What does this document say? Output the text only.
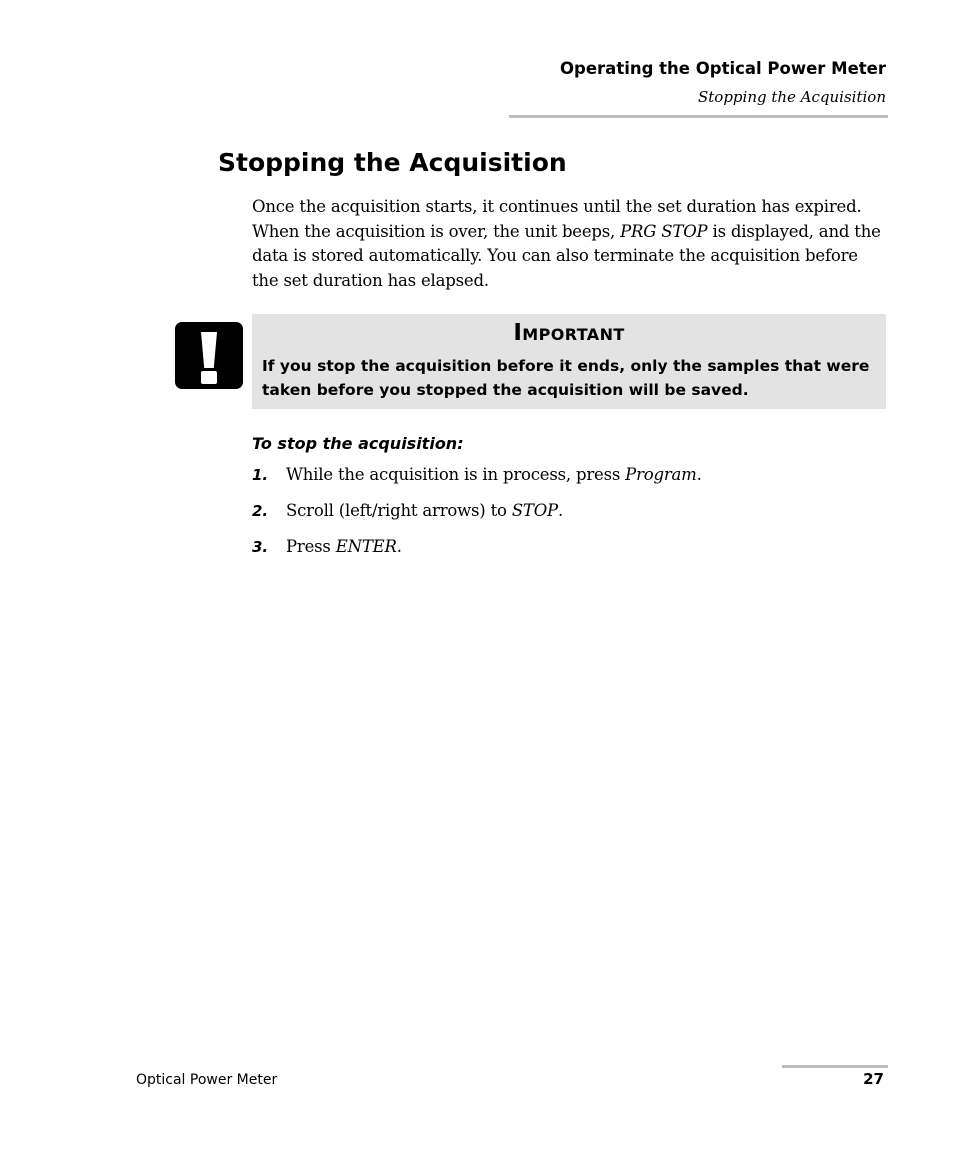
Operating the Optical Power Meter
Stopping the Acquisition
Stopping the Acquisition

Once the acquisition starts, it continues until the set duration has expired. When the acquisition is over, the unit beeps, PRG STOP is displayed, and the data is stored automatically. You can also terminate the acquisition before the set duration has elapsed.

Important

If you stop the acquisition before it ends, only the samples that were taken before you stopped the acquisition will be saved.

To stop the acquisition:

1. While the acquisition is in process, press Program.
2. Scroll (left/right arrows) to STOP.
3. Press ENTER.
Optical Power Meter	27
